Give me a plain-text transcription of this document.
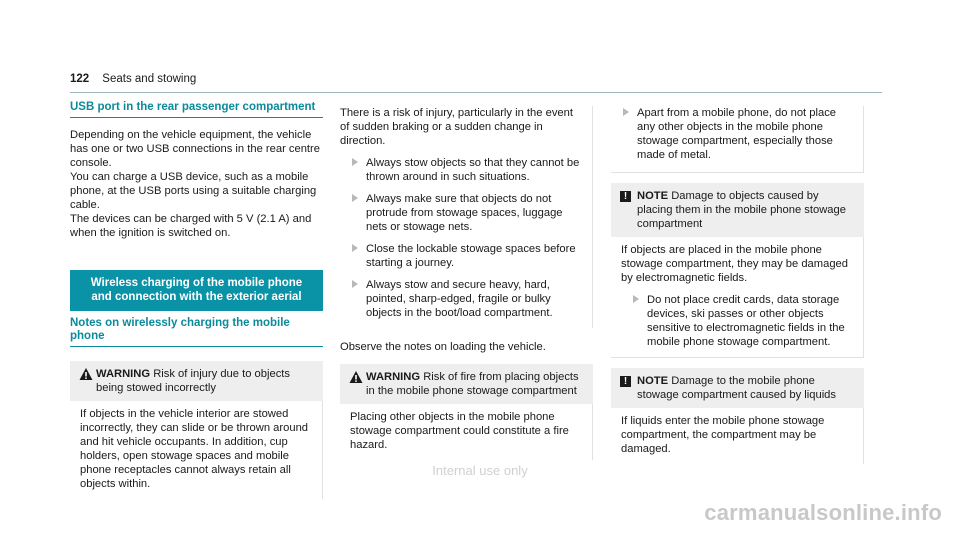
122 Seats and stowing
USB port in the rear passenger compartment

Depending on the vehicle equipment, the vehicle has one or two USB connections in the rear centre console.

You can charge a USB device, such as a mobile phone, at the USB ports using a suitable charging cable.

The devices can be charged with 5 V (2.1 A) and when the ignition is switched on.

Wireless charging of the mobile phone and connection with the exterior aerial
Notes on wirelessly charging the mobile phone
WARNING Risk of injury due to objects being stowed incorrectly
If objects in the vehicle interior are stowed incorrectly, they can slide or be thrown around and hit vehicle occupants. In addition, cup holders, open stowage spaces and mobile phone receptacles cannot always retain all objects within.

There is a risk of injury, particularly in the event of sudden braking or a sudden change in direction.

Always stow objects so that they cannot be thrown around in such situations.
Always make sure that objects do not protrude from stowage spaces, luggage nets or stowage nets.
Close the lockable stowage spaces before starting a journey.
Always stow and secure heavy, hard, pointed, sharp-edged, fragile or bulky objects in the boot/load compartment.

Observe the notes on loading the vehicle.

WARNING Risk of fire from placing objects in the mobile phone stowage compartment
Placing other objects in the mobile phone stowage compartment could constitute a fire hazard.
Apart from a mobile phone, do not place any other objects in the mobile phone stowage compartment, especially those made of metal.
! NOTE Damage to objects caused by placing them in the mobile phone stowage compartment

If objects are placed in the mobile phone stowage compartment, they may be damaged by electromagnetic fields.

Do not place credit cards, data storage devices, ski passes or other objects sensitive to electromagnetic fields in the mobile phone stowage compartment.
! NOTE Damage to the mobile phone stowage compartment caused by liquids
If liquids enter the mobile phone stowage compartment, the compartment may be damaged.
Internal use only
carmanualsonline.info
